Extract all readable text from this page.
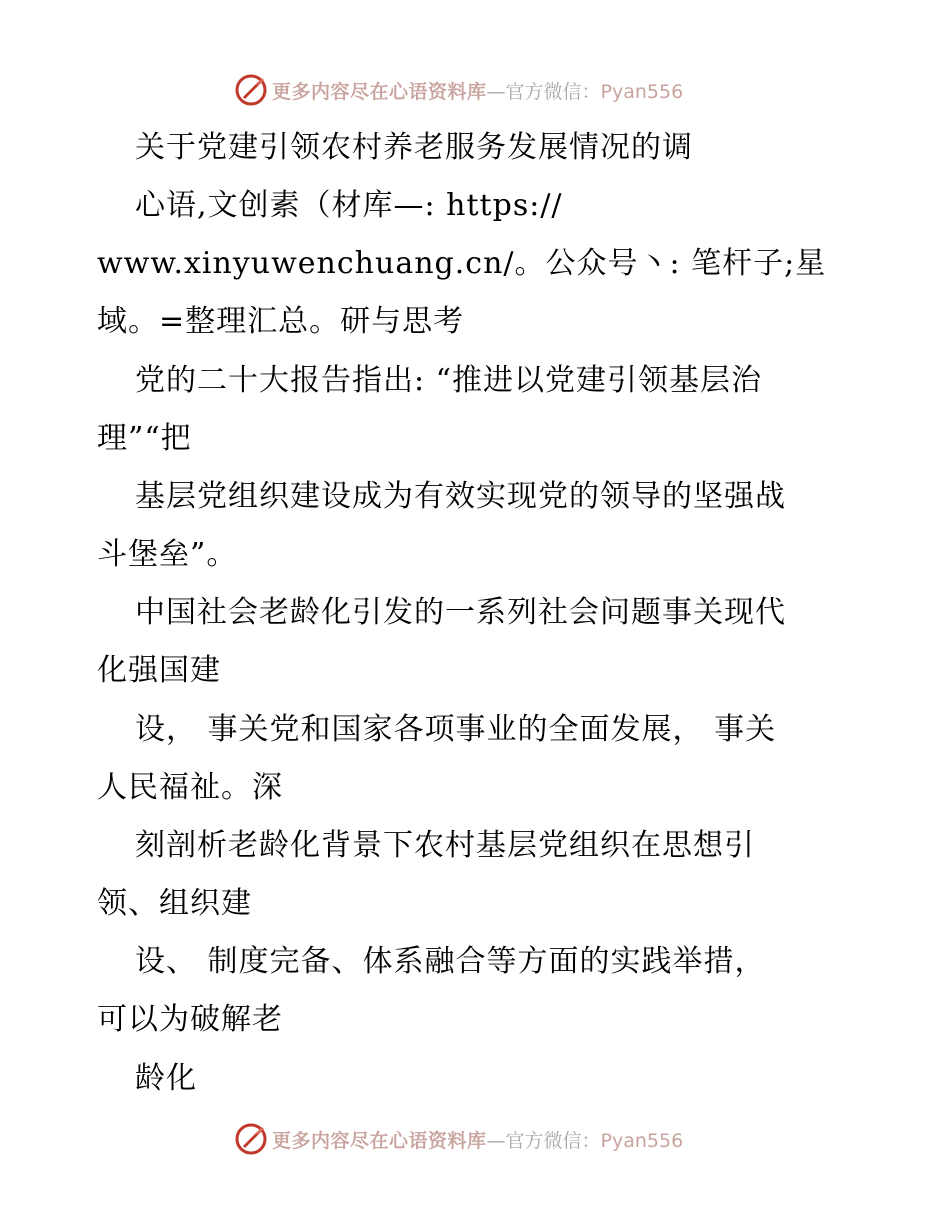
更多内容尽在心语资料库—官方微信：Pyan556
关于党建引领农村养老服务发展情况的调
心语,文创素（材库—: https://
www.xinyuwenchuang.cn/。公众号丶: 笔杆子;星
域。=整理汇总。研与思考
党的二十大报告指出: “推进以党建引领基层治
理”“把
基层党组织建设成为有效实现党的领导的坚强战
斗堡垒”。
中国社会老龄化引发的一系列社会问题事关现代
化强国建
设， 事关党和国家各项事业的全面发展， 事关
人民福祉。深
刻剖析老龄化背景下农村基层党组织在思想引
领、组织建
设、 制度完备、体系融合等方面的实践举措，
可以为破解老
龄化
更多内容尽在心语资料库—官方微信：Pyan556
